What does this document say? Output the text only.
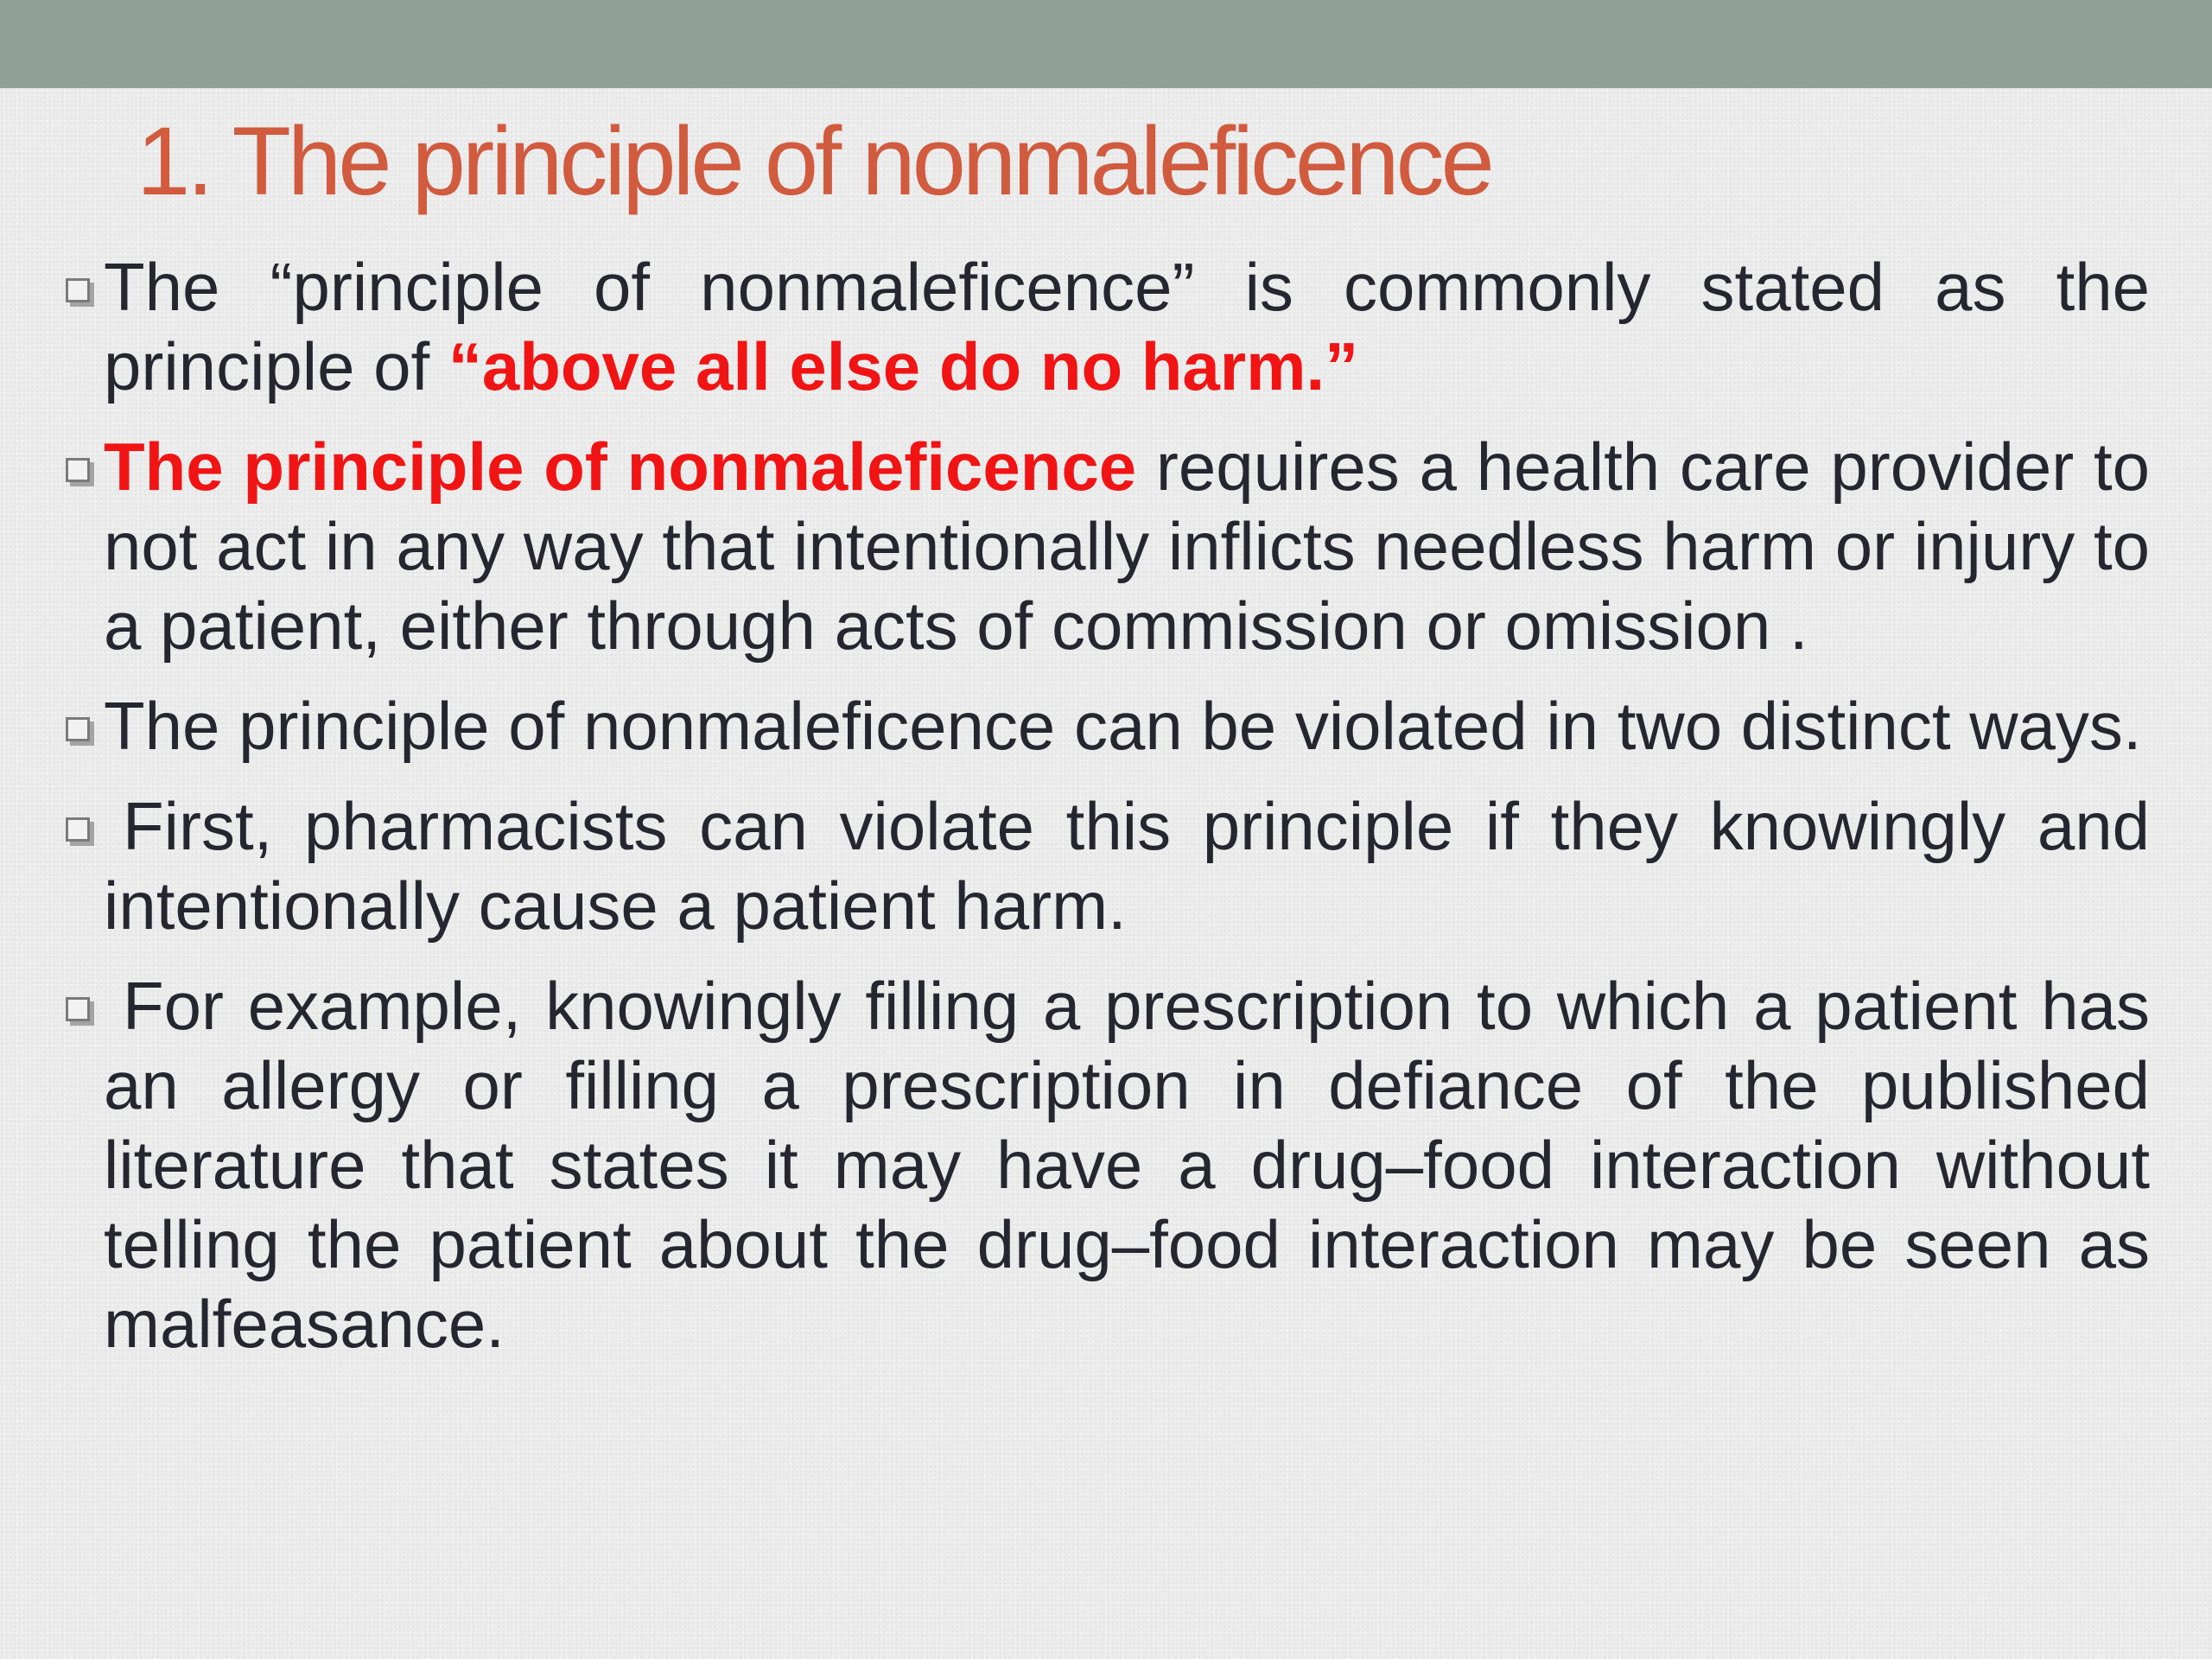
1. The principle of nonmaleficence
The “principle of nonmaleficence” is commonly stated as the principle of “above all else do no harm.”
The principle of nonmaleficence requires a health care provider to not act in any way that intentionally inflicts needless harm or injury to a patient, either through acts of commission or omission .
The principle of nonmaleficence can be violated in two distinct ways.
First, pharmacists can violate this principle if they knowingly and intentionally cause a patient harm.
For example, knowingly filling a prescription to which a patient has an allergy or filling a prescription in defiance of the published literature that states it may have a drug–food interaction without telling the patient about the drug–food interaction may be seen as malfeasance.
